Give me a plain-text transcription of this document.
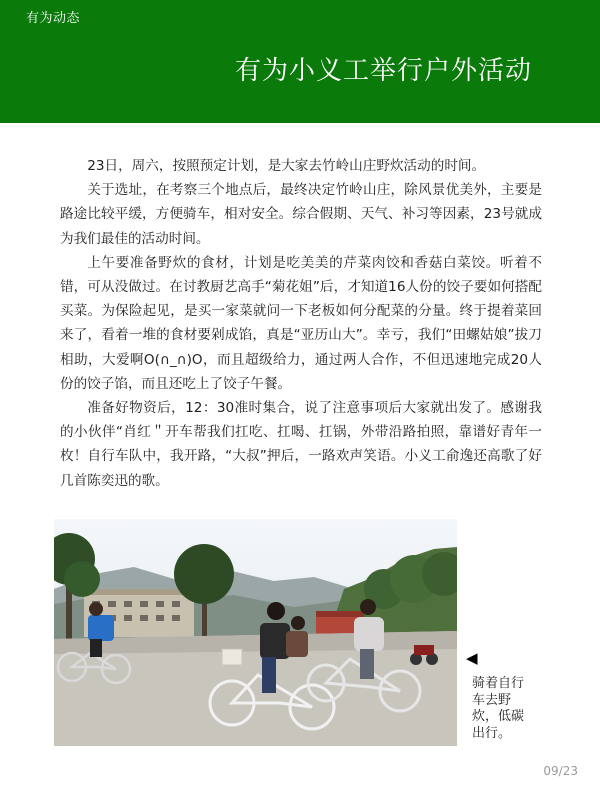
有为动态
有为小义工举行户外活动

23日，周六，按照预定计划，是大家去竹岭山庄野炊活动的时间。

关于选址，在考察三个地点后，最终决定竹岭山庄，除风景优美外，主要是路途比较平缓，方便骑车，相对安全。综合假期、天气、补习等因素，23号就成为我们最佳的活动时间。

上午要准备野炊的食材，计划是吃美美的芹菜肉饺和香菇白菜饺。听着不错，可从没做过。在讨教厨艺高手“菊花姐”后，才知道16人份的饺子要如何搭配买菜。为保险起见，是买一家菜就问一下老板如何分配菜的分量。终于提着菜回来了，看着一堆的食材要剁成馅，真是“亚历山大”。幸亏，我们“田螺姑娘”拔刀相助，大爱啊O(∩_∩)O，而且超级给力，通过两人合作，不但迅速地完成20人份的饺子馅，而且还吃上了饺子午餐。

准备好物资后，12：30准时集合，说了注意事项后大家就出发了。感谢我的小伙伴“肖红＂开车帮我们扛吃、扛喝、扛锅，外带沿路拍照，靠谱好青年一枚！自行车队中，我开路，“大叔”押后，一路欢声笑语。小义工俞逸还高歌了好几首陈奕迅的歌。

◀
骑着自行车去野炊，低碳出行。
09/23
